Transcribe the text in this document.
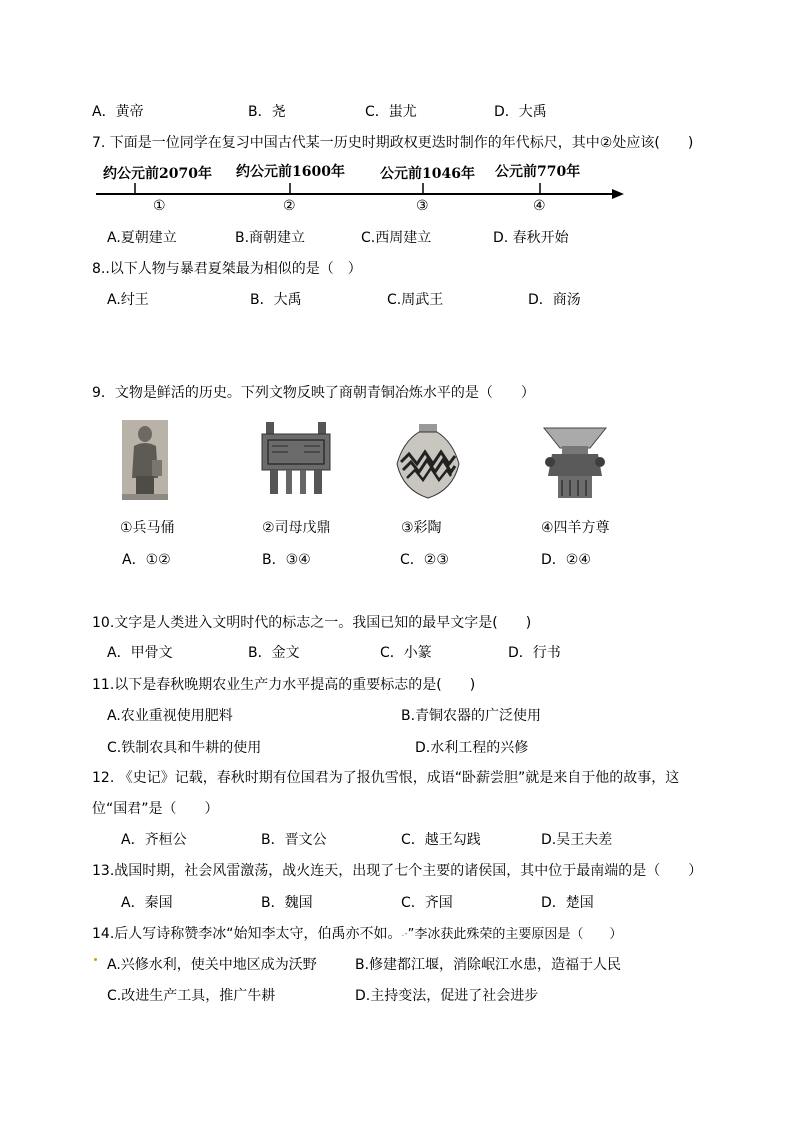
A．黄帝	B．尧	C．蚩尤	D．大禹
7. 下面是一位同学在复习中国古代某一历史时期政权更迭时制作的年代标尺，其中②处应该(　　)
约公元前2070年 约公元前1600年	公元前1046年 公元前770年
①	②	③	④
A.夏朝建立	B.商朝建立	C.西周建立	D. 春秋开始
8..以下人物与暴君夏桀最为相似的是（　）
A.纣王	B．大禹	C.周武王	D．商汤
9．文物是鲜活的历史。下列文物反映了商朝青铜冶炼水平的是（　　）
①兵马俑	②司母戊鼎	③彩陶	④四羊方尊
A．①②	B．③④	C．②③	D．②④
10.文字是人类进入文明时代的标志之一。我国已知的最早文字是(　　)
A．甲骨文	B．金文	C．小篆	D．行书
11.以下是春秋晚期农业生产力水平提高的重要标志的是(　　)
A.农业重视使用肥料	B.青铜农器的广泛使用
C.铁制农具和牛耕的使用	D.水利工程的兴修
12. 《史记》记载，春秋时期有位国君为了报仇雪恨，成语“卧薪尝胆”就是来自于他的故事，这
位“国君”是（　　）
A．齐桓公	B．晋文公	C．越王勾践	D.吴王夫差
13.战国时期，社会风雷激荡，战火连天，出现了七个主要的诸侯国，其中位于最南端的是（　　）
A．秦国	B．魏国	C．齐国	D．楚国
14.后人写诗称赞李冰“始知李太守，伯禹亦不如。.-”李冰获此殊荣的主要原因是（　　）
A.兴修水利，使关中地区成为沃野	B.修建都江堰，消除岷江水患，造福于人民
C.改进生产工具，推广牛耕	D.主持变法，促进了社会进步
